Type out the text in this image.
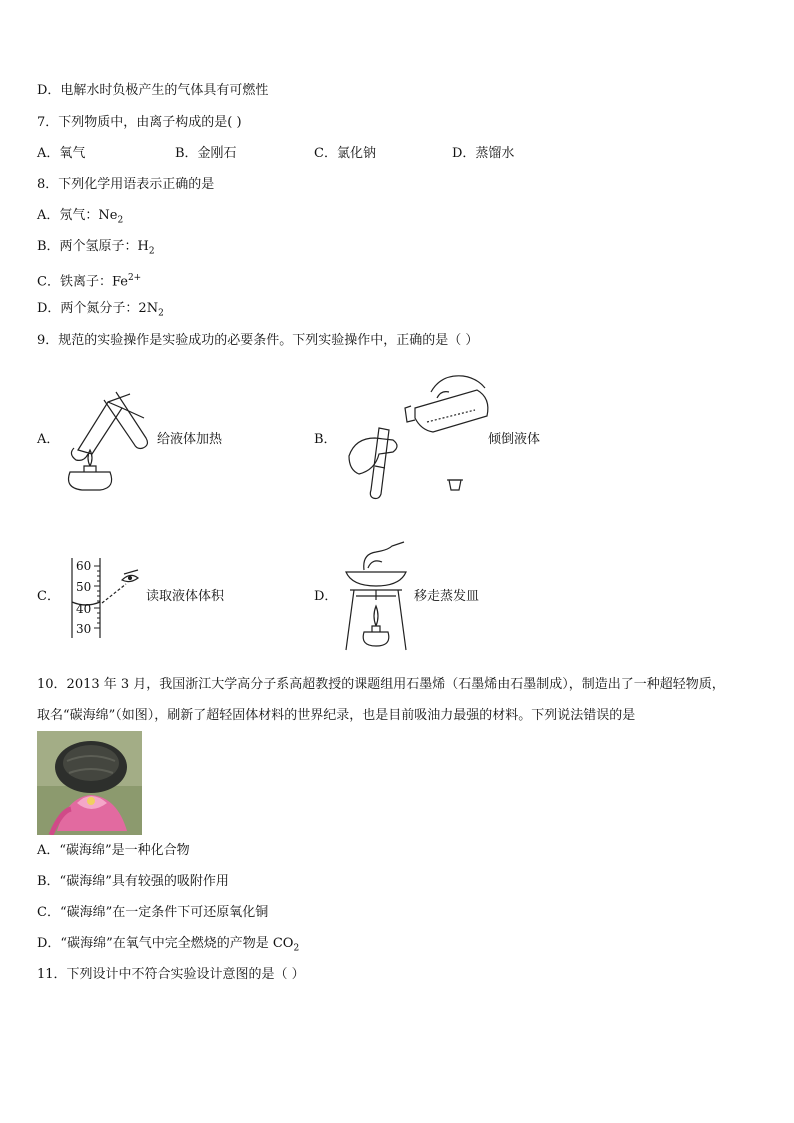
D．电解水时负极产生的气体具有可燃性
7．下列物质中，由离子构成的是( )
A．氧气	B．金刚石	C．氯化钠	D．蒸馏水
8．下列化学用语表示正确的是
A．氖气：$Ne_2$
B．两个氢原子：$H_2$
C．铁离子：$Fe^{2+}$
D．两个氮分子：$2N_2$
9．规范的实验操作是实验成功的必要条件。下列实验操作中，正确的是（ ）
A．	给液体加热	B．	倾倒液体
C．
60
50
40
30
读取液体体积	D．	移走蒸发皿
10．2013 年 3 月，我国浙江大学高分子系高超教授的课题组用石墨烯（石墨烯由石墨制成），制造出了一种超轻物质，
取名“碳海绵”（如图），刷新了超轻固体材料的世界纪录，也是目前吸油力最强的材料。下列说法错误的是
A．“碳海绵”是一种化合物
B．“碳海绵”具有较强的吸附作用
C．“碳海绵”在一定条件下可还原氧化铜
D．“碳海绵”在氧气中完全燃烧的产物是 $CO_2$
11．下列设计中不符合实验设计意图的是（ ）
